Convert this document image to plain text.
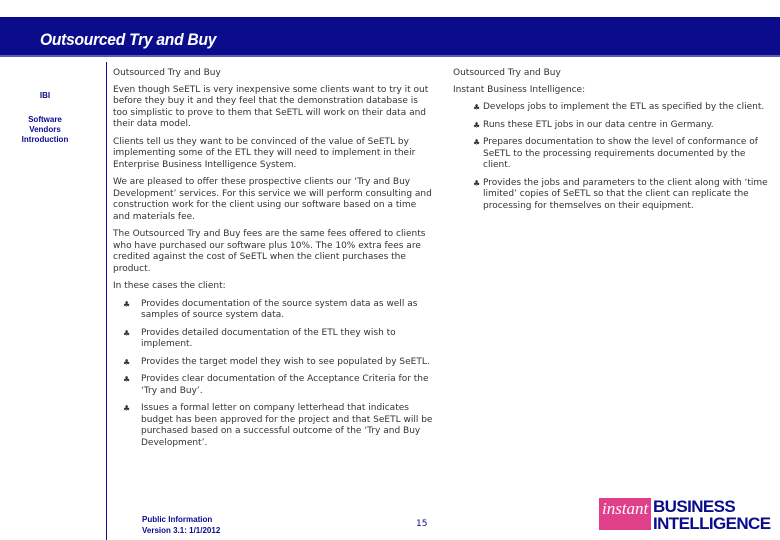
Outsourced Try and Buy
IBI
Software
Vendors
Introduction

Outsourced Try and Buy

Even though SeETL is very inexpensive some clients want to try it out before they buy it and they feel that the demonstration database is too simplistic to prove to them that SeETL will work on their data and their data model.

Clients tell us they want to be convinced of the value of SeETL by implementing some of the ETL they will need to implement in their Enterprise Business Intelligence System.

We are pleased to offer these prospective clients our ‘Try and Buy Development’ services. For this service we will perform consulting and construction work for the client using our software based on a time and materials fee.

The Outsourced Try and Buy fees are the same fees offered to clients who have purchased our software plus 10%. The 10% extra fees are credited against the cost of SeETL when the client purchases the product.

In these cases the client:

♣ Provides documentation of the source system data as well as samples of source system data.
♣ Provides detailed documentation of the ETL they wish to implement.
♣ Provides the target model they wish to see populated by SeETL.
♣ Provides clear documentation of the Acceptance Criteria for the ‘Try and Buy’.
♣ Issues a formal letter on company letterhead that indicates budget has been approved for the project and that SeETL will be purchased based on a successful outcome of the ‘Try and Buy Development’.

Outsourced Try and Buy

Instant Business Intelligence:

♣ Develops jobs to implement the ETL as specified by the client.
♣ Runs these ETL jobs in our data centre in Germany.
♣ Prepares documentation to show the level of conformance of SeETL to the processing requirements documented by the client.
♣ Provides the jobs and parameters to the client along with ‘time limited’ copies of SeETL so that the client can replicate the processing for themselves on their equipment.
Public Information
Version 3.1: 1/1/2012
15
instant BUSINESS
INTELLIGENCE
